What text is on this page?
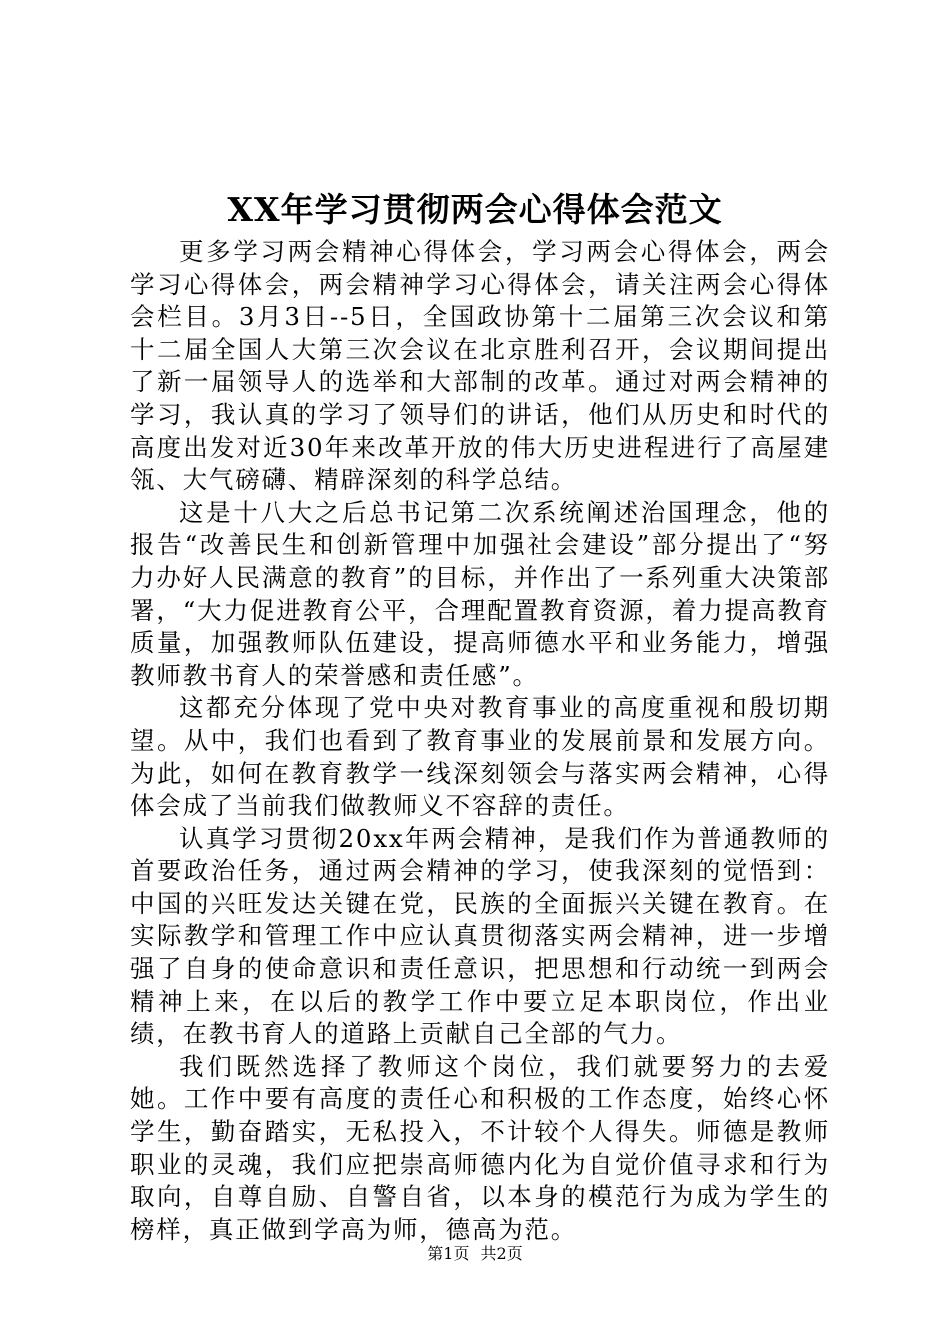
XX年学习贯彻两会心得体会范文

更多学习两会精神心得体会，学习两会心得体会，两会学习心得体会，两会精神学习心得体会，请关注两会心得体会栏目。3月3日--5日，全国政协第十二届第三次会议和第十二届全国人大第三次会议在北京胜利召开，会议期间提出了新一届领导人的选举和大部制的改革。通过对两会精神的学习，我认真的学习了领导们的讲话，他们从历史和时代的高度出发对近30年来改革开放的伟大历史进程进行了高屋建瓴、大气磅礴、精辟深刻的科学总结。

这是十八大之后总书记第二次系统阐述治国理念，他的报告“改善民生和创新管理中加强社会建设”部分提出了“努力办好人民满意的教育”的目标，并作出了一系列重大决策部署，“大力促进教育公平，合理配置教育资源，着力提高教育质量，加强教师队伍建设，提高师德水平和业务能力，增强教师教书育人的荣誉感和责任感”。

这都充分体现了党中央对教育事业的高度重视和殷切期望。从中，我们也看到了教育事业的发展前景和发展方向。为此，如何在教育教学一线深刻领会与落实两会精神，心得体会成了当前我们做教师义不容辞的责任。

认真学习贯彻20xx年两会精神，是我们作为普通教师的首要政治任务，通过两会精神的学习，使我深刻的觉悟到：中国的兴旺发达关键在党，民族的全面振兴关键在教育。在实际教学和管理工作中应认真贯彻落实两会精神，进一步增强了自身的使命意识和责任意识，把思想和行动统一到两会精神上来，在以后的教学工作中要立足本职岗位，作出业绩，在教书育人的道路上贡献自己全部的气力。

我们既然选择了教师这个岗位，我们就要努力的去爱她。工作中要有高度的责任心和积极的工作态度，始终心怀学生，勤奋踏实，无私投入，不计较个人得失。师德是教师职业的灵魂，我们应把崇高师德内化为自觉价值寻求和行为取向，自尊自励、自警自省，以本身的模范行为成为学生的榜样，真正做到学高为师，德高为范。

第1页 共2页
